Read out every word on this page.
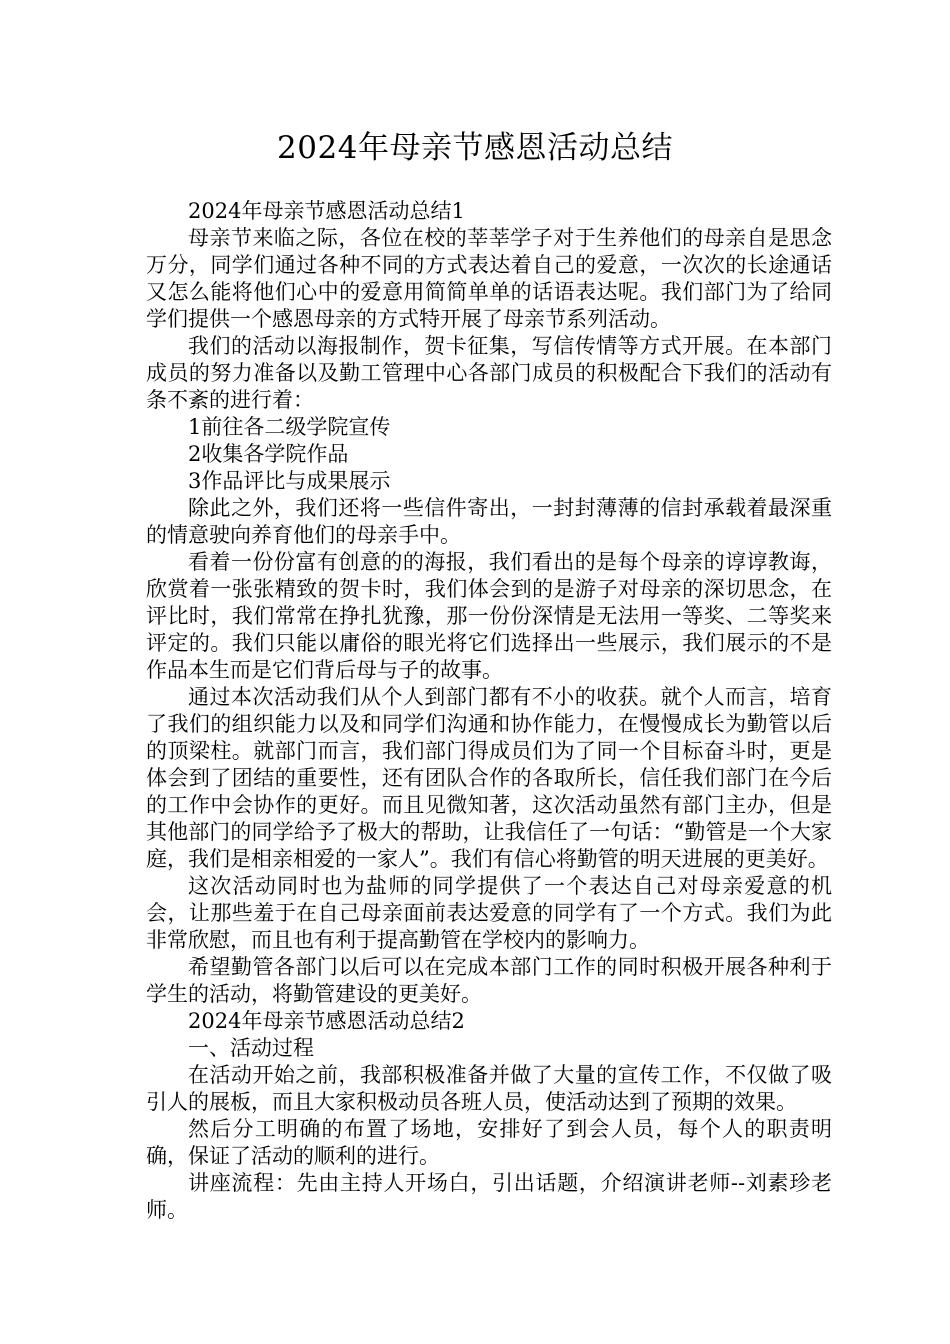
2024年母亲节感恩活动总结

2024年母亲节感恩活动总结1

母亲节来临之际，各位在校的莘莘学子对于生养他们的母亲自是思念万分，同学们通过各种不同的方式表达着自己的爱意，一次次的长途通话又怎么能将他们心中的爱意用简简单单的话语表达呢。我们部门为了给同学们提供一个感恩母亲的方式特开展了母亲节系列活动。

我们的活动以海报制作，贺卡征集，写信传情等方式开展。在本部门成员的努力准备以及勤工管理中心各部门成员的积极配合下我们的活动有条不紊的进行着：

1前往各二级学院宣传

2收集各学院作品

3作品评比与成果展示

除此之外，我们还将一些信件寄出，一封封薄薄的信封承载着最深重的情意驶向养育他们的母亲手中。

看着一份份富有创意的的海报，我们看出的是每个母亲的谆谆教诲，欣赏着一张张精致的贺卡时，我们体会到的是游子对母亲的深切思念，在评比时，我们常常在挣扎犹豫，那一份份深情是无法用一等奖、二等奖来评定的。我们只能以庸俗的眼光将它们选择出一些展示，我们展示的不是作品本生而是它们背后母与子的故事。

通过本次活动我们从个人到部门都有不小的收获。就个人而言，培育了我们的组织能力以及和同学们沟通和协作能力，在慢慢成长为勤管以后的顶梁柱。就部门而言，我们部门得成员们为了同一个目标奋斗时，更是体会到了团结的重要性，还有团队合作的各取所长，信任我们部门在今后的工作中会协作的更好。而且见微知著，这次活动虽然有部门主办，但是其他部门的同学给予了极大的帮助，让我信任了一句话：“勤管是一个大家庭，我们是相亲相爱的一家人”。我们有信心将勤管的明天进展的更美好。

这次活动同时也为盐师的同学提供了一个表达自己对母亲爱意的机会，让那些羞于在自己母亲面前表达爱意的同学有了一个方式。我们为此非常欣慰，而且也有利于提高勤管在学校内的影响力。

希望勤管各部门以后可以在完成本部门工作的同时积极开展各种利于学生的活动，将勤管建设的更美好。

2024年母亲节感恩活动总结2

一、活动过程

在活动开始之前，我部积极准备并做了大量的宣传工作，不仅做了吸引人的展板，而且大家积极动员各班人员，使活动达到了预期的效果。

然后分工明确的布置了场地，安排好了到会人员，每个人的职责明确，保证了活动的顺利的进行。

讲座流程：先由主持人开场白，引出话题，介绍演讲老师--刘素珍老师。
